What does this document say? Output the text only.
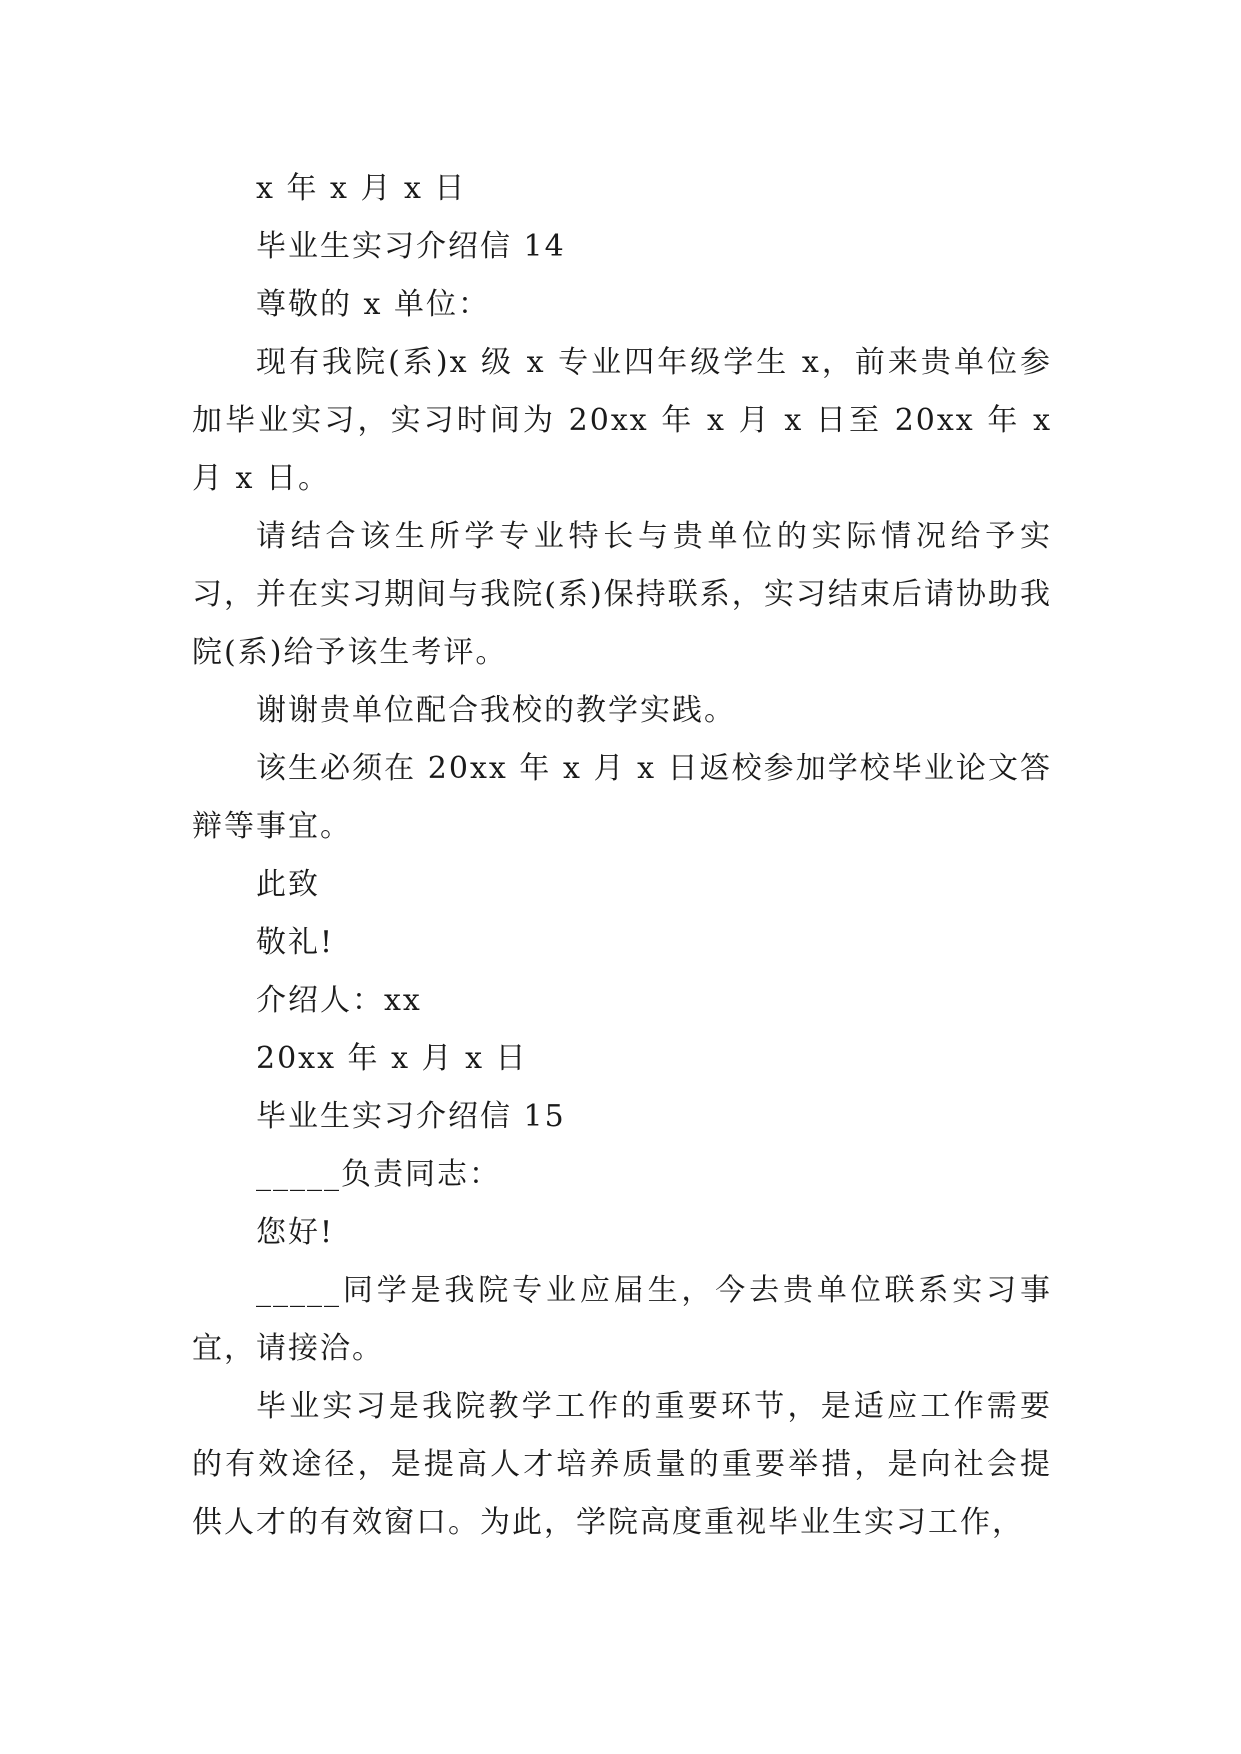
x 年 x 月 x 日
毕业生实习介绍信 14
尊敬的 x 单位：

现有我院(系)x 级 x 专业四年级学生 x，前来贵单位参加毕业实习，实习时间为 20xx 年 x 月 x 日至 20xx 年 x 月 x 日。

请结合该生所学专业特长与贵单位的实际情况给予实习，并在实习期间与我院(系)保持联系，实习结束后请协助我院(系)给予该生考评。

谢谢贵单位配合我校的教学实践。

该生必须在 20xx 年 x 月 x 日返校参加学校毕业论文答辩等事宜。

此致
敬礼!
介绍人：xx
20xx 年 x 月 x 日
毕业生实习介绍信 15
_____负责同志：
您好!

_____同学是我院专业应届生，今去贵单位联系实习事宜，请接洽。

毕业实习是我院教学工作的重要环节，是适应工作需要的有效途径，是提高人才培养质量的重要举措，是向社会提供人才的有效窗口。为此，学院高度重视毕业生实习工作，
